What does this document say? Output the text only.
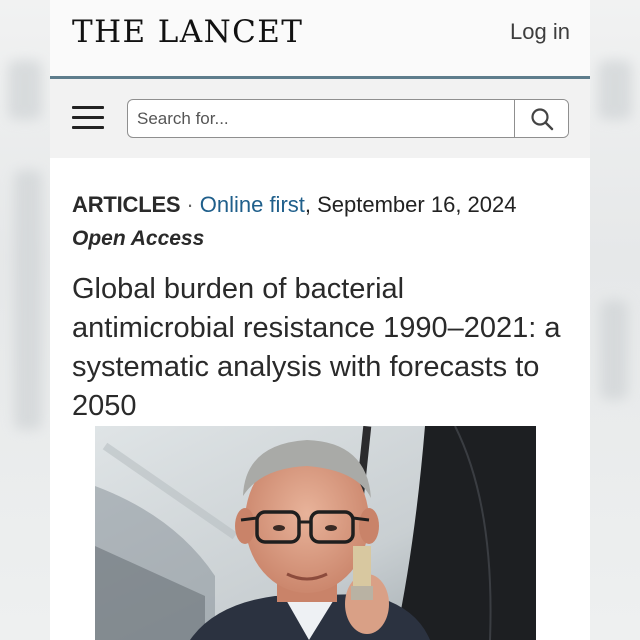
THE LANCET	Log in
Search for...
ARTICLES · Online first, September 16, 2024
Open Access
Global burden of bacterial antimicrobial resistance 1990–2021: a systematic analysis with forecasts to 2050
